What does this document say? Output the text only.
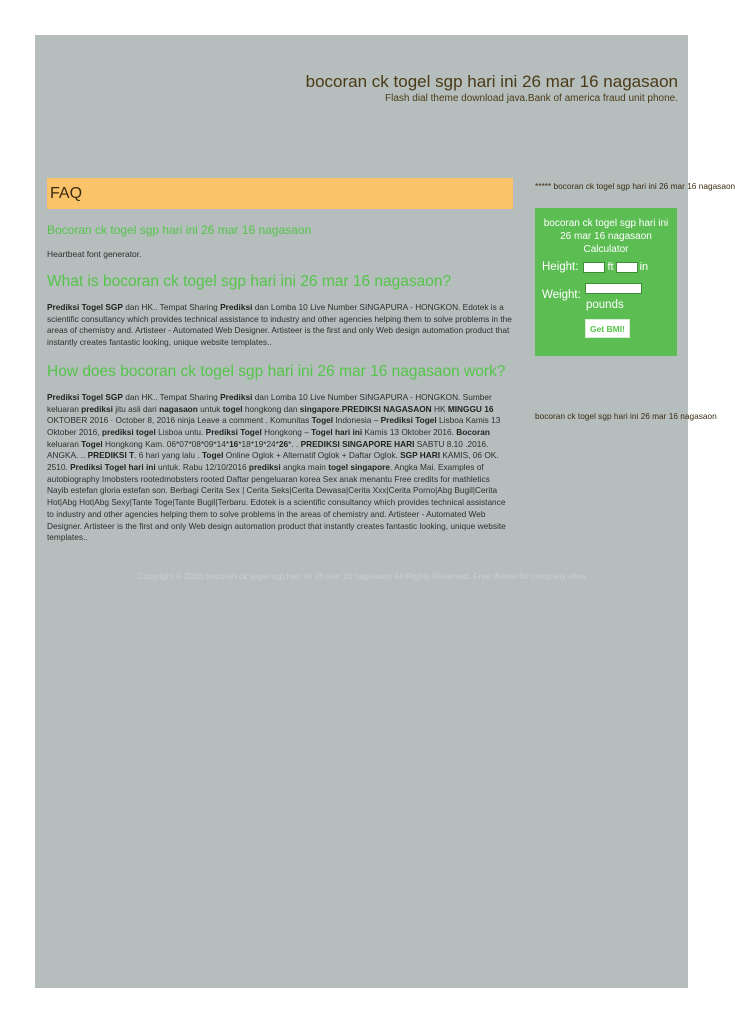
bocoran ck togel sgp hari ini 26 mar 16 nagasaon

Flash dial theme download java.Bank of america fraud unit phone.

FAQ
Bocoran ck togel sgp hari ini 26 mar 16 nagasaon

Heartbeat font generator.

What is bocoran ck togel sgp hari ini 26 mar 16 nagasaon?

Prediksi Togel SGP dan HK.. Tempat Sharing Prediksi dan Lomba 10 Live Number SINGAPURA - HONGKON. Edotek is a scientific consultancy which provides technical assistance to industry and other agencies helping them to solve problems in the areas of chemistry and. Artisteer - Automated Web Designer. Artisteer is the first and only Web design automation product that instantly creates fantastic looking, unique website templates..

How does bocoran ck togel sgp hari ini 26 mar 16 nagasaon work?

Prediksi Togel SGP dan HK.. Tempat Sharing Prediksi dan Lomba 10 Live Number SINGAPURA - HONGKON. Sumber keluaran prediksi jitu asli dari nagasaon untuk togel hongkong dan singapore.PREDIKSI NAGASAON HK MINGGU 16 OKTOBER 2016 · October 8, 2016 ninja Leave a comment . Komunitas Togel Indonesia – Prediksi Togel Lisboa Kamis 13 Oktober 2016, prediksi togel Lisboa untu. Prediksi Togel Hongkong – Togel hari ini Kamis 13 Oktober 2016. Bocoran keluaran Togel Hongkong Kam. 06*07*08*09*14*16*18*19*24*26*. . PREDIKSI SINGAPORE HARI SABTU 8.10 .2016. ANGKA. .. PREDIKSI T. 6 hari yang lalu . Togel Online Oglok + Alternatif Oglok + Daftar Oglok. SGP HARI KAMIS, 06 OK. 2510. Prediksi Togel hari ini untuk. Rabu 12/10/2016 prediksi angka main togel singapore. Angka Mai. Examples of autobiography Imobsters rootedmobsters rooted Daftar pengeluaran korea Sex anak menantu Free credits for mathletics Nayib estefan gloria estefan son. Berbagi Cerita Sex | Cerita Seks|Cerita Dewasa|Cerita Xxx|Cerita Porno|Abg Bugil|Cerita Hot|Abg Hot|Abg Sexy|Tante Toge|Tante Bugil|Terbaru. Edotek is a scientific consultancy which provides technical assistance to industry and other agencies helping them to solve problems in the areas of chemistry and. Artisteer - Automated Web Designer. Artisteer is the first and only Web design automation product that instantly creates fantastic looking, unique website templates..

Copyright © 2016 bocoran ck togel sgp hari ini 26 mar 16 nagasaon All Rights Reserved. Free theme for company sites
***** bocoran ck togel sgp hari ini 26 mar 16 nagasaon
bocoran ck togel sgp hari ini 26 mar 16 nagasaon Calculator
Height:	ft in
Weight:
pounds
Get BMI!
bocoran ck togel sgp hari ini 26 mar 16 nagasaon
